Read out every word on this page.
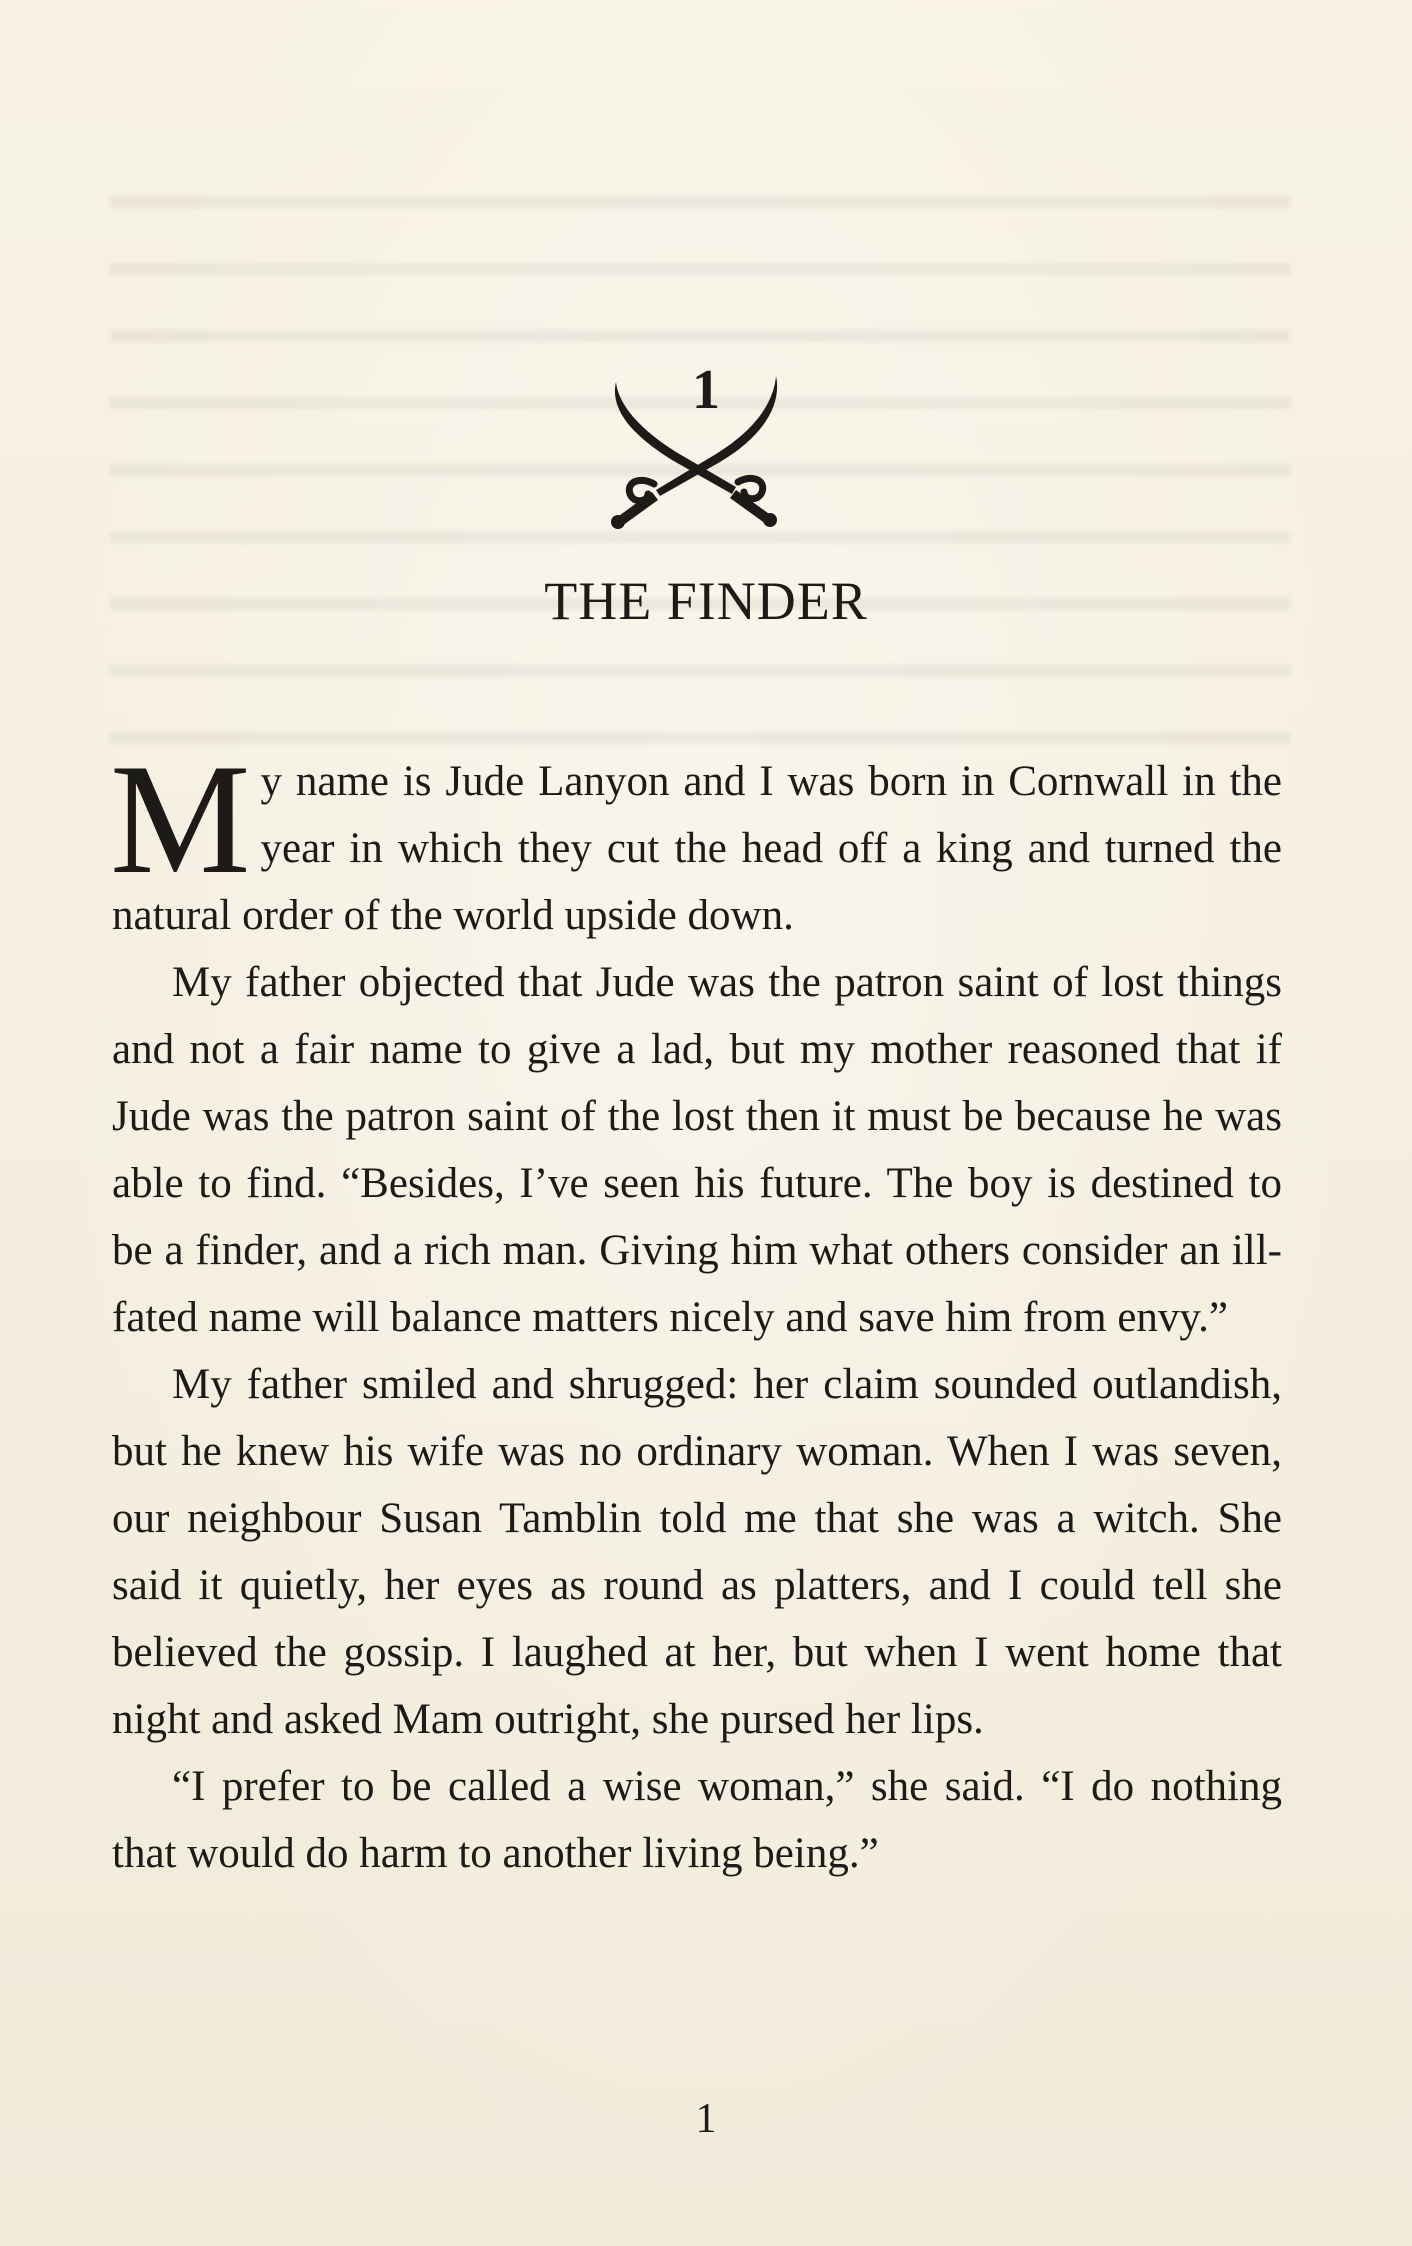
1
THE FINDER

My name is Jude Lanyon and I was born in Cornwall in the year in which they cut the head off a king and turned the natural order of the world upside down.

My father objected that Jude was the patron saint of lost things and not a fair name to give a lad, but my mother reasoned that if Jude was the patron saint of the lost then it must be because he was able to find. “Besides, I’ve seen his future. The boy is destined to be a finder, and a rich man. Giving him what others consider an ill-fated name will balance matters nicely and save him from envy.”

My father smiled and shrugged: her claim sounded outlandish, but he knew his wife was no ordinary woman. When I was seven, our neighbour Susan Tamblin told me that she was a witch. She said it quietly, her eyes as round as platters, and I could tell she believed the gossip. I laughed at her, but when I went home that night and asked Mam outright, she pursed her lips.

“I prefer to be called a wise woman,” she said. “I do nothing that would do harm to another living being.”

1
